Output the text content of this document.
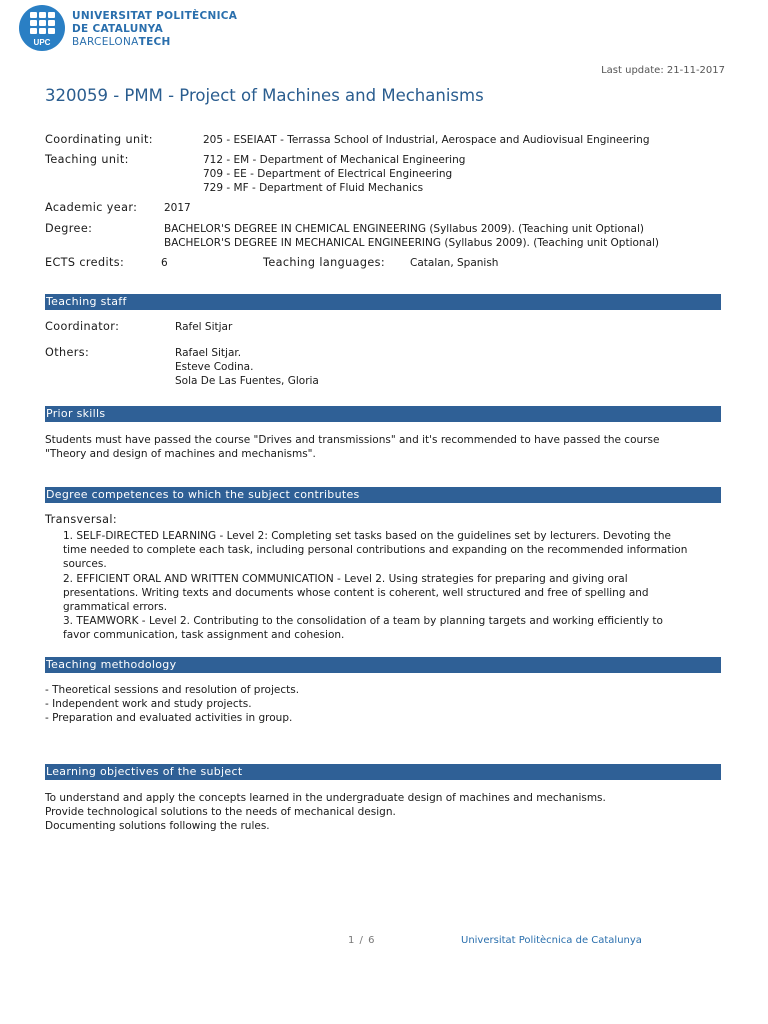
UPC
UNIVERSITAT POLITÈCNICA
DE CATALUNYA
BARCELONATECH
Last update: 21-11-2017
320059 - PMM - Project of Machines and Mechanisms
Coordinating unit:	205 - ESEIAAT - Terrassa School of Industrial, Aerospace and Audiovisual Engineering
Teaching unit:	712 - EM - Department of Mechanical Engineering
709 - EE - Department of Electrical Engineering
729 - MF - Department of Fluid Mechanics
Academic year:	2017
Degree:	BACHELOR'S DEGREE IN CHEMICAL ENGINEERING (Syllabus 2009). (Teaching unit Optional)
BACHELOR'S DEGREE IN MECHANICAL ENGINEERING (Syllabus 2009). (Teaching unit Optional)
ECTS credits:	6	Teaching languages: Catalan, Spanish
Teaching staff
Coordinator:	Rafel Sitjar
Others:	Rafael Sitjar.
Esteve Codina.
Sola De Las Fuentes, Gloria
Prior skills
Students must have passed the course "Drives and transmissions" and it's recommended to have passed the course
"Theory and design of machines and mechanisms".
Degree competences to which the subject contributes
Transversal:
1. SELF-DIRECTED LEARNING - Level 2: Completing set tasks based on the guidelines set by lecturers. Devoting the
time needed to complete each task, including personal contributions and expanding on the recommended information
sources.
2. EFFICIENT ORAL AND WRITTEN COMMUNICATION - Level 2. Using strategies for preparing and giving oral
presentations. Writing texts and documents whose content is coherent, well structured and free of spelling and
grammatical errors.
3. TEAMWORK - Level 2. Contributing to the consolidation of a team by planning targets and working efficiently to
favor communication, task assignment and cohesion.
Teaching methodology
- Theoretical sessions and resolution of projects.
- Independent work and study projects.
- Preparation and evaluated activities in group.
Learning objectives of the subject
To understand and apply the concepts learned in the undergraduate design of machines and mechanisms.
Provide technological solutions to the needs of mechanical design.
Documenting solutions following the rules.
1 / 6	Universitat Politècnica de Catalunya
